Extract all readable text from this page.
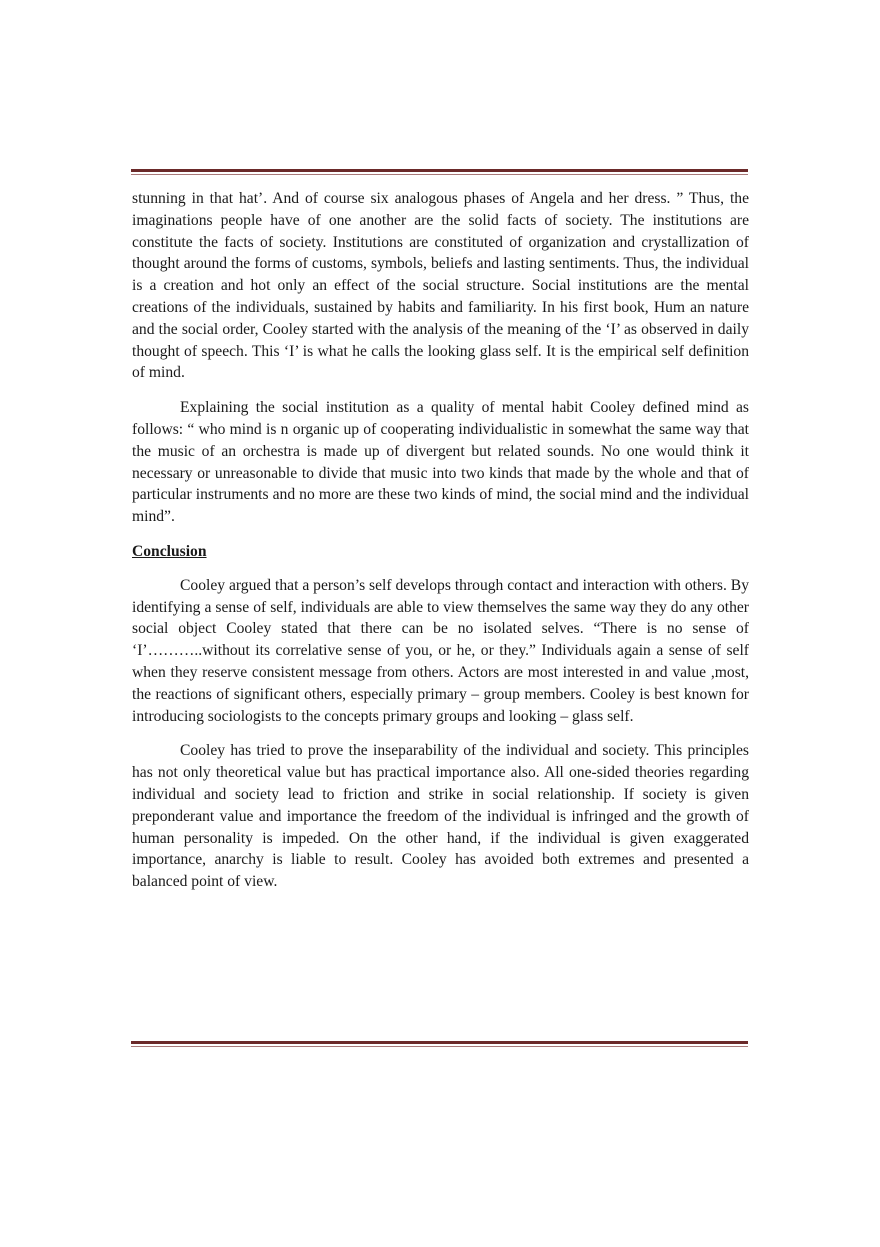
stunning in that hat’. And of course six analogous phases of Angela and her dress. ” Thus, the imaginations people have of one another are the solid facts of society. The institutions are constitute the facts of society. Institutions are constituted of organization and crystallization of thought around the forms of customs, symbols, beliefs and lasting sentiments. Thus, the individual is a creation and hot only an effect of the social structure. Social institutions are the mental creations of the individuals, sustained by habits and familiarity. In his first book, Hum an nature and the social order, Cooley started with the analysis of the meaning of the ‘I’ as observed in daily thought of speech. This ‘I’ is what he calls the looking glass self. It is the empirical self definition of mind.

Explaining the social institution as a quality of mental habit Cooley defined mind as follows: “ who mind is n organic up of cooperating individualistic in somewhat the same way that the music of an orchestra is made up of divergent but related sounds. No one would think it necessary or unreasonable to divide that music into two kinds that made by the whole and that of particular instruments and no more are these two kinds of mind, the social mind and the individual mind”.

Conclusion

Cooley argued that a person’s self develops through contact and interaction with others. By identifying a sense of self, individuals are able to view themselves the same way they do any other social object Cooley stated that there can be no isolated selves. “There is no sense of ‘I’………..without its correlative sense of you, or he, or they.” Individuals again a sense of self when they reserve consistent message from others. Actors are most interested in and value ,most, the reactions of significant others, especially primary – group members. Cooley is best known for introducing sociologists to the concepts primary groups and looking – glass self.

Cooley has tried to prove the inseparability of the individual and society. This principles has not only theoretical value but has practical importance also. All one-sided theories regarding individual and society lead to friction and strike in social relationship. If society is given preponderant value and importance the freedom of the individual is infringed and the growth of human personality is impeded. On the other hand, if the individual is given exaggerated importance, anarchy is liable to result. Cooley has avoided both extremes and presented a balanced point of view.
